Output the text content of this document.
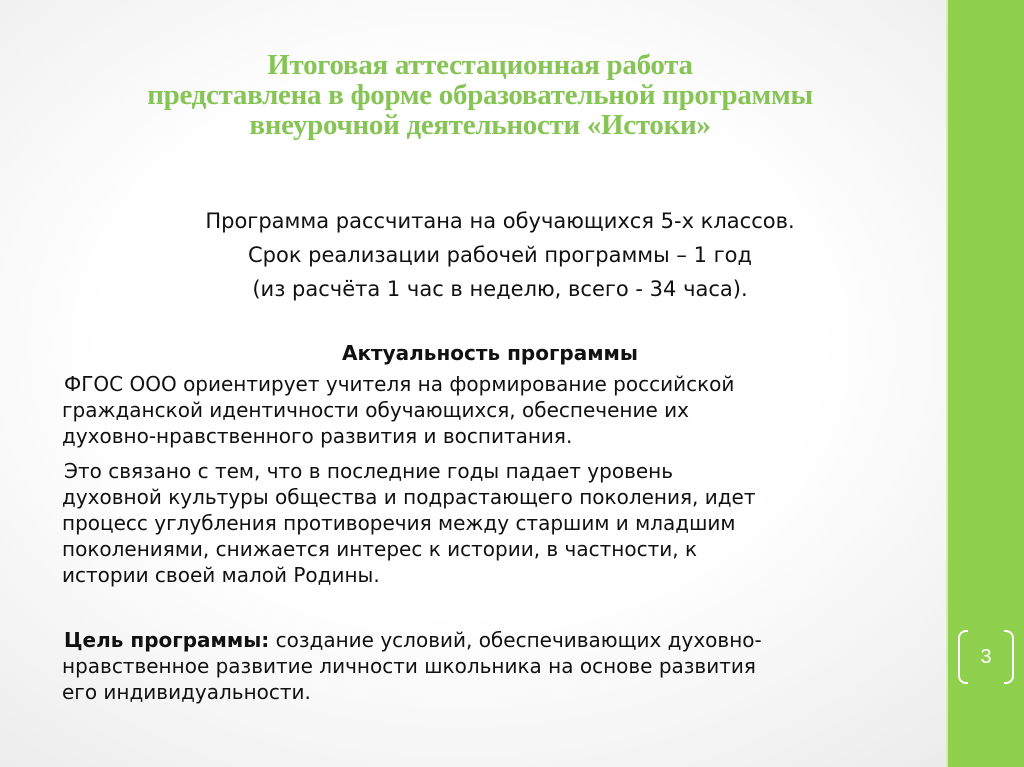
Итоговая аттестационная работа
представлена в форме образовательной программы
внеурочной деятельности «Истоки»
Программа рассчитана на обучающихся 5-х классов.
Срок реализации рабочей программы – 1 год
(из расчёта 1 час в неделю, всего - 34 часа).
Актуальность программы
ФГОС ООО ориентирует учителя на формирование российской
гражданской идентичности обучающихся, обеспечение их
духовно-нравственного развития и воспитания.
Это связано с тем, что в последние годы падает уровень
духовной культуры общества и подрастающего поколения, идет
процесс углубления противоречия между старшим и младшим
поколениями, снижается интерес к истории, в частности, к
истории своей малой Родины.
Цель программы: создание условий, обеспечивающих духовно-
нравственное развитие личности школьника на основе развития
его индивидуальности.
3
